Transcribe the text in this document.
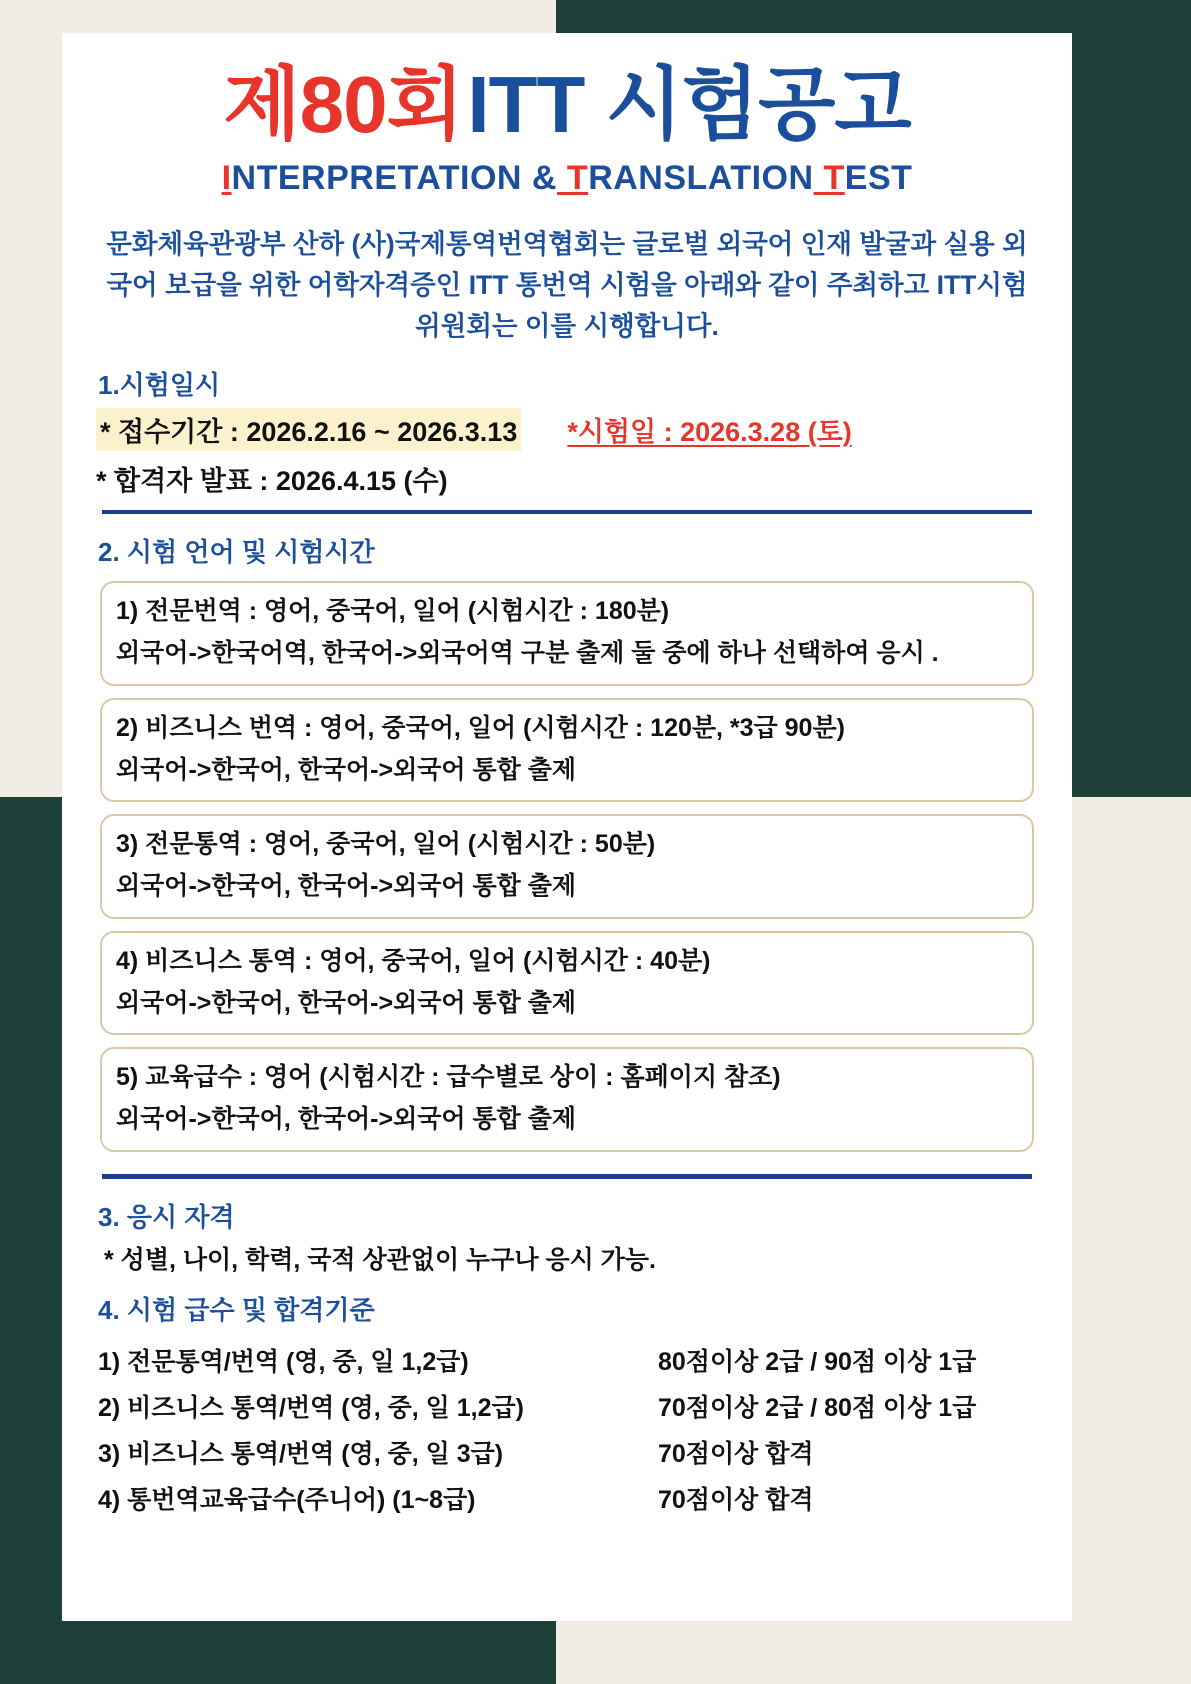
제80회 ITT 시험공고
INTERPRETATION & TRANSLATION TEST
문화체육관광부 산하 (사)국제통역번역협회는 글로벌 외국어 인재 발굴과 실용 외국어 보급을 위한 어학자격증인 ITT 통번역 시험을 아래와 같이 주최하고 ITT시험위원회는 이를 시행합니다.
1.시험일시
* 접수기간 : 2026.2.16 ~ 2026.3.13 *시험일 : 2026.3.28 (토)
* 합격자 발표 : 2026.4.15 (수)
2. 시험 언어 및 시험시간
1) 전문번역 : 영어, 중국어, 일어 (시험시간 : 180분)
외국어->한국어역, 한국어->외국어역 구분 출제 둘 중에 하나 선택하여 응시 .
2) 비즈니스 번역 : 영어, 중국어, 일어 (시험시간 : 120분, *3급 90분)
외국어->한국어, 한국어->외국어 통합 출제
3) 전문통역 : 영어, 중국어, 일어 (시험시간 : 50분)
외국어->한국어, 한국어->외국어 통합 출제
4) 비즈니스 통역 : 영어, 중국어, 일어 (시험시간 : 40분)
외국어->한국어, 한국어->외국어 통합 출제
5) 교육급수 : 영어 (시험시간 : 급수별로 상이 : 홈페이지 참조)
외국어->한국어, 한국어->외국어 통합 출제
3. 응시 자격
* 성별, 나이, 학력, 국적 상관없이 누구나 응시 가능.
4. 시험 급수 및 합격기준
1) 전문통역/번역 (영, 중, 일 1,2급)	80점이상 2급 / 90점 이상 1급
2) 비즈니스 통역/번역 (영, 중, 일 1,2급)	70점이상 2급 / 80점 이상 1급
3) 비즈니스 통역/번역 (영, 중, 일 3급)	70점이상 합격
4) 통번역교육급수(주니어) (1~8급)	70점이상 합격
